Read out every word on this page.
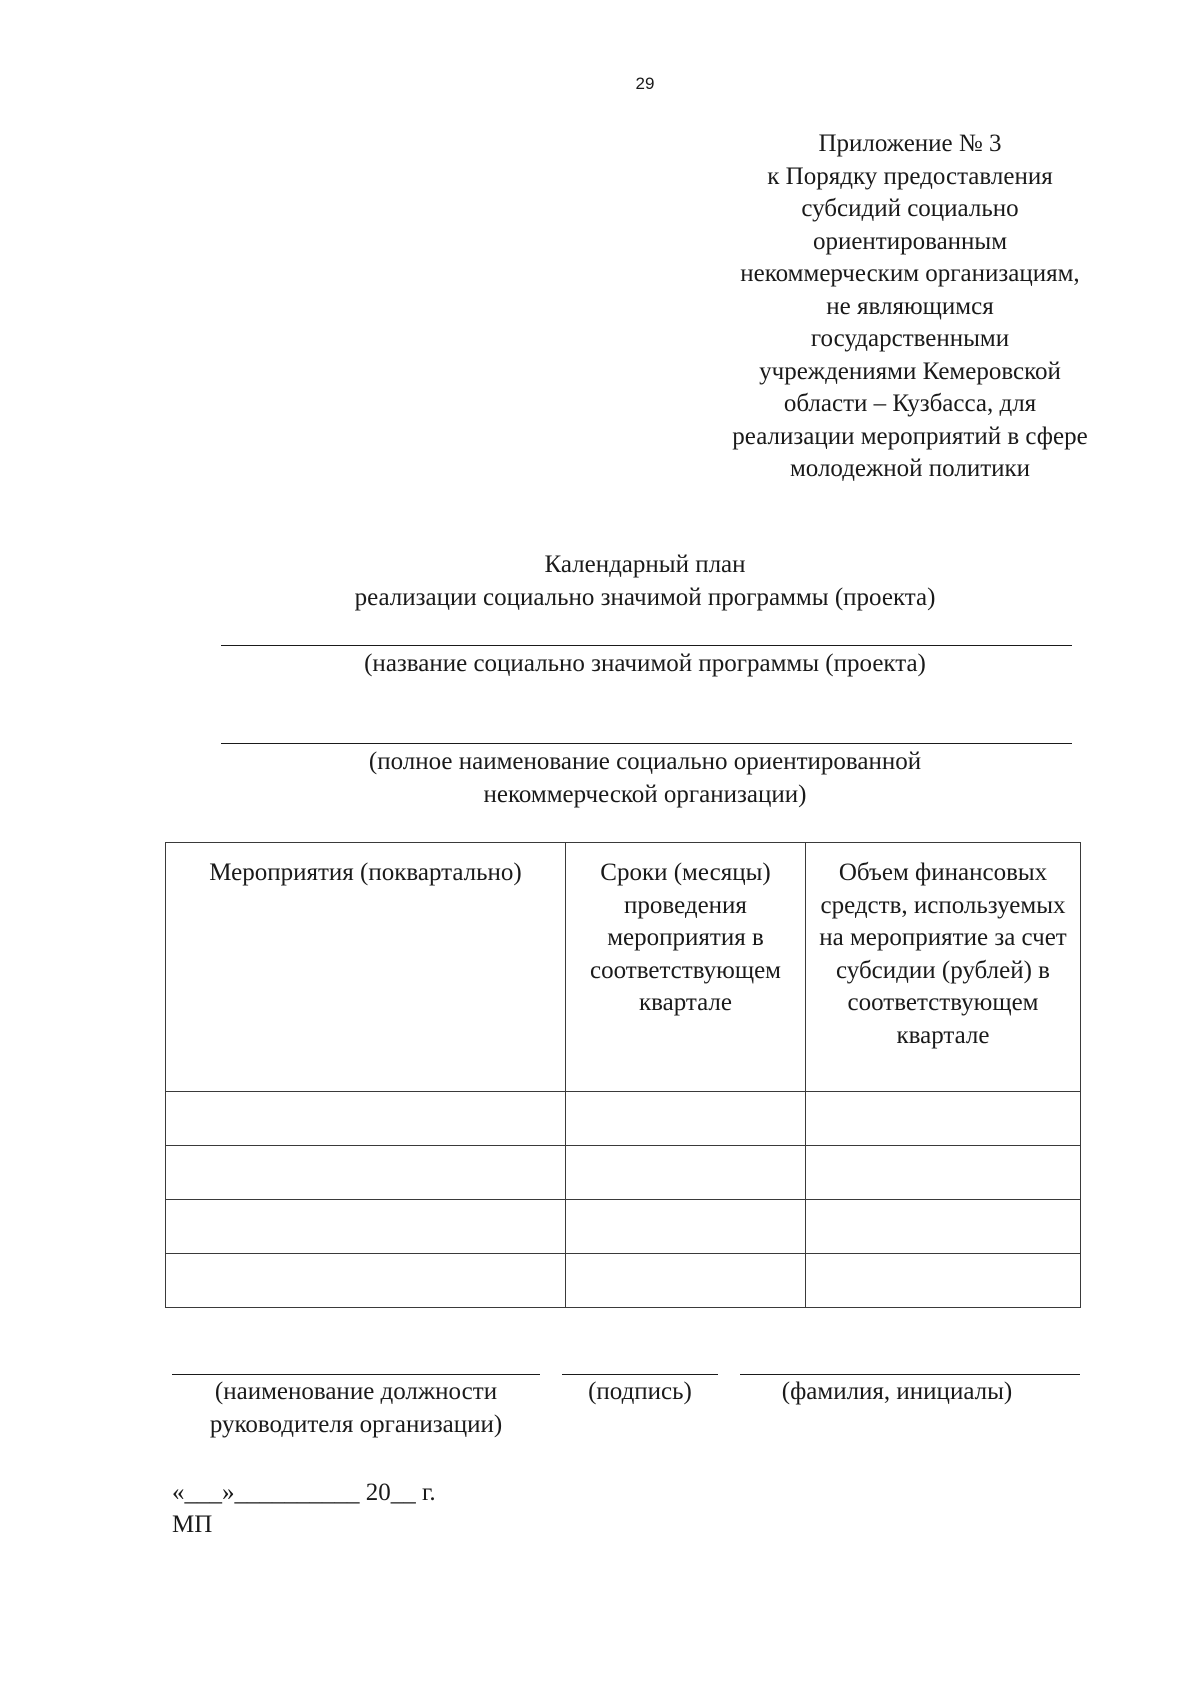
29
Приложение № 3
к Порядку предоставления
субсидий социально
ориентированным
некоммерческим организациям,
не являющимся
государственными
учреждениями Кемеровской
области – Кузбасса, для
реализации мероприятий в сфере
молодежной политики
Календарный план
реализации социально значимой программы (проекта)
(название социально значимой программы (проекта)
(полное наименование социально ориентированной
некоммерческой организации)
Мероприятия (поквартально)	Сроки (месяцы) проведения мероприятия в соответствующем квартале	Объем финансовых средств, используемых на мероприятие за счет субсидии (рублей) в соответствующем квартале

(наименование должности
руководителя организации)
(подпись)	(фамилия, инициалы)
«___»__________ 20__ г.
МП
